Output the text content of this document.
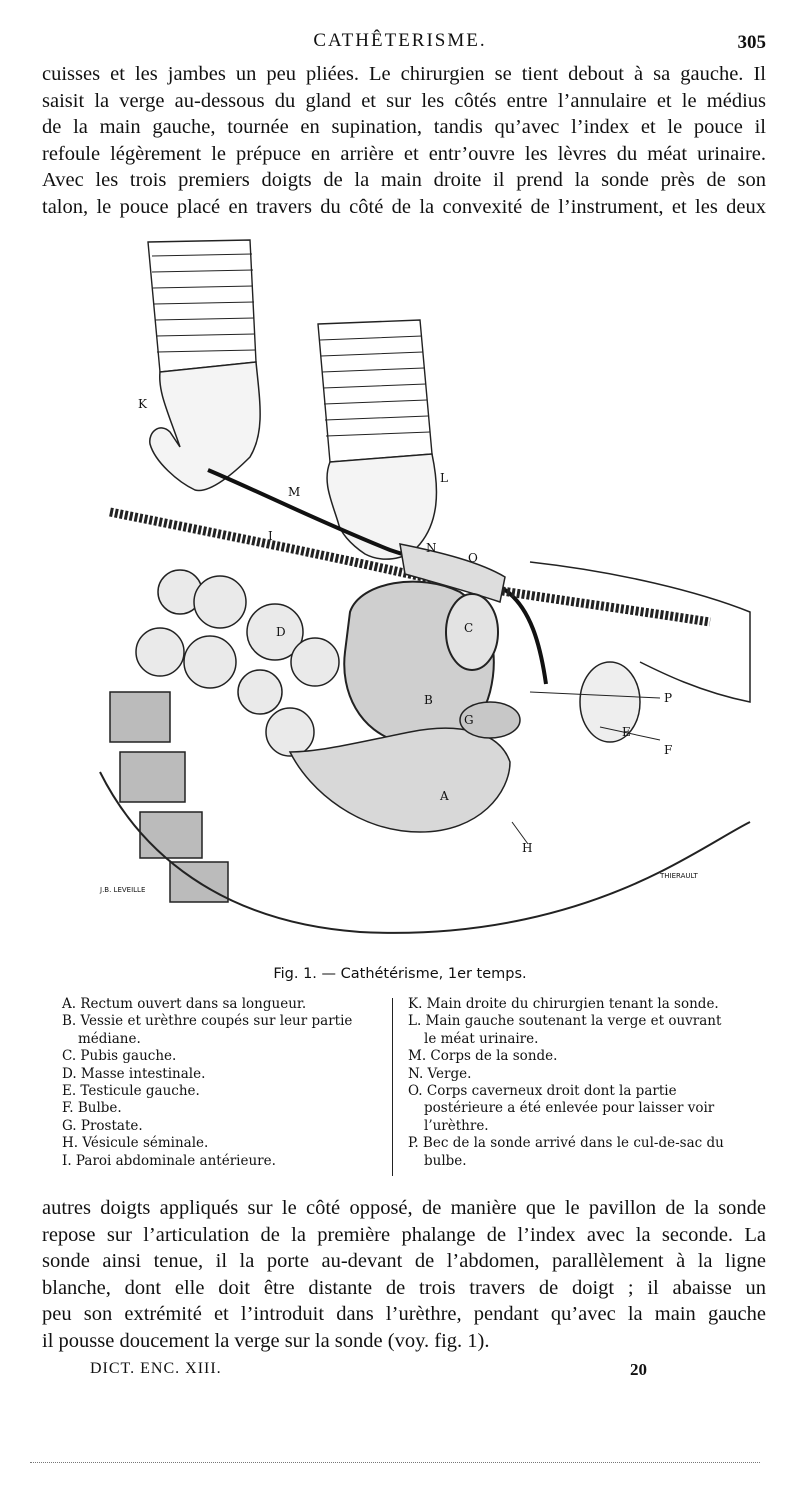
CATHÊTERISME.	305
cuisses et les jambes un peu pliées. Le chirurgien se tient debout à sa gauche. Il
saisit la verge au-dessous du gland et sur les côtés entre l’annulaire et le médius
de la main gauche, tournée en supination, tandis qu’avec l’index et le pouce il
refoule légèrement le prépuce en arrière et entr’ouvre les lèvres du méat urinaire.
Avec les trois premiers doigts de la main droite il prend la sonde près de son
talon, le pouce placé en travers du côté de la convexité de l’instrument, et les deux
K
L
M
I
N
O
C
D
B
G
P
E
F
A
H
J.B. LEVEILLE
THIERAULT
Fig. 1. — Cathétérisme, 1er temps.
A. Rectum ouvert dans sa longueur.
B. Vessie et urèthre coupés sur leur partie médiane.
C. Pubis gauche.
D. Masse intestinale.
E. Testicule gauche.
F. Bulbe.
G. Prostate.
H. Vésicule séminale.
I. Paroi abdominale antérieure.
K. Main droite du chirurgien tenant la sonde.
L. Main gauche soutenant la verge et ouvrant le méat urinaire.
M. Corps de la sonde.
N. Verge.
O. Corps caverneux droit dont la partie postérieure a été enlevée pour laisser voir l’urèthre.
P. Bec de la sonde arrivé dans le cul-de-sac du bulbe.
autres doigts appliqués sur le côté opposé, de manière que le pavillon de la sonde
repose sur l’articulation de la première phalange de l’index avec la seconde. La
sonde ainsi tenue, il la porte au-devant de l’abdomen, parallèlement à la ligne
blanche, dont elle doit être distante de trois travers de doigt ; il abaisse un
peu son extrémité et l’introduit dans l’urèthre, pendant qu’avec la main gauche
il pousse doucement la verge sur la sonde (voy. fig. 1).
DICT. ENC. XIII.	20
